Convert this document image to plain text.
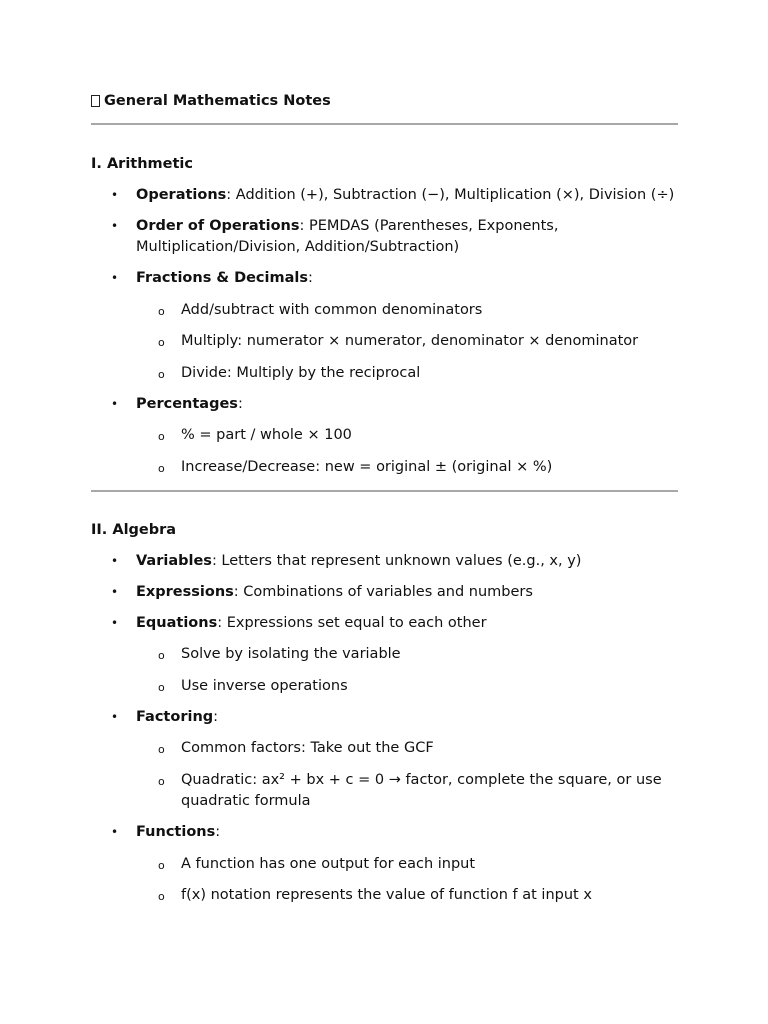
General Mathematics Notes
I. Arithmetic
• Operations: Addition (+), Subtraction (−), Multiplication (×), Division (÷)
• Order of Operations: PEMDAS (Parentheses, Exponents, Multiplication/Division, Addition/Subtraction)
• Fractions & Decimals:
o Add/subtract with common denominators
o Multiply: numerator × numerator, denominator × denominator
o Divide: Multiply by the reciprocal
• Percentages:
o % = part / whole × 100
o Increase/Decrease: new = original ± (original × %)
II. Algebra
• Variables: Letters that represent unknown values (e.g., x, y)
• Expressions: Combinations of variables and numbers
• Equations: Expressions set equal to each other
o Solve by isolating the variable
o Use inverse operations
• Factoring:
o Common factors: Take out the GCF
o Quadratic: ax² + bx + c = 0 → factor, complete the square, or use quadratic formula
• Functions:
o A function has one output for each input
o f(x) notation represents the value of function f at input x
